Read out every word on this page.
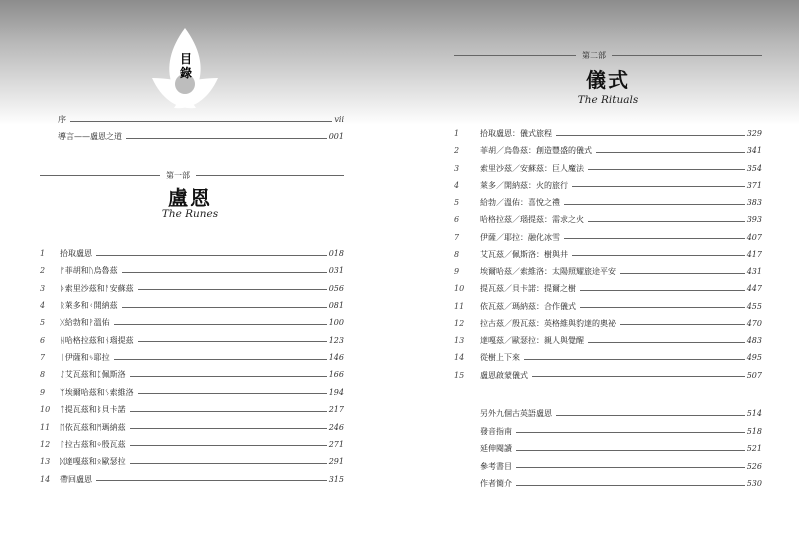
目
錄
序	vii
導言——盧恩之道	001
第一部
盧恩
The Runes
1	拾取盧恩	018
2	ᚠ菲胡和ᚢ烏魯茲	031
3	ᚦ索里沙茲和ᚨ安蘇茲	056
4	ᚱ萊多和ᚲ開納茲	081
5	ᚷ給勃和ᚹ溫佑	100
6	ᚺ哈格拉茲和ᚾ瑙提茲	123
7	ᛁ伊薩和ᛃ耶拉	146
8	ᛇ艾瓦茲和ᛈ佩斯洛	166
9	ᛉ埃爾哈茲和ᛊ索維洛	194
10	ᛏ提瓦茲和ᛒ貝卡諾	217
11	ᛖ依瓦茲和ᛗ瑪納茲	246
12	ᛚ拉古茲和ᛜ殷瓦茲	271
13	ᛞ達嘎茲和ᛟ歐瑟拉	291
14	帶回盧恩	315
第二部
儀式
The Rituals
1	拾取盧恩：儀式旅程	329
2	菲胡／烏魯茲：創造豐盛的儀式	341
3	索里沙茲／安蘇茲：巨人魔法	354
4	萊多／開納茲：火的旅行	371
5	給勃／溫佑：喜悅之禮	383
6	哈格拉茲／瑙提茲：需求之火	393
7	伊薩／耶拉：融化冰雪	407
8	艾瓦茲／佩斯洛：樹與井	417
9	埃爾哈茲／索維洛：太陽照耀旅途平安	431
10	提瓦茲／貝卡諾：提爾之樹	447
11	依瓦茲／瑪納茲：合作儀式	455
12	拉古茲／殷瓦茲：英格維與豹達的奧祕	470
13	達嘎茲／歐瑟拉：親人與覺醒	483
14	從樹上下來	495
15	盧恩啟蒙儀式	507
另外九個古英語盧恩	514
發音指南	518
延伸閱讀	521
參考書目	526
作者簡介	530
